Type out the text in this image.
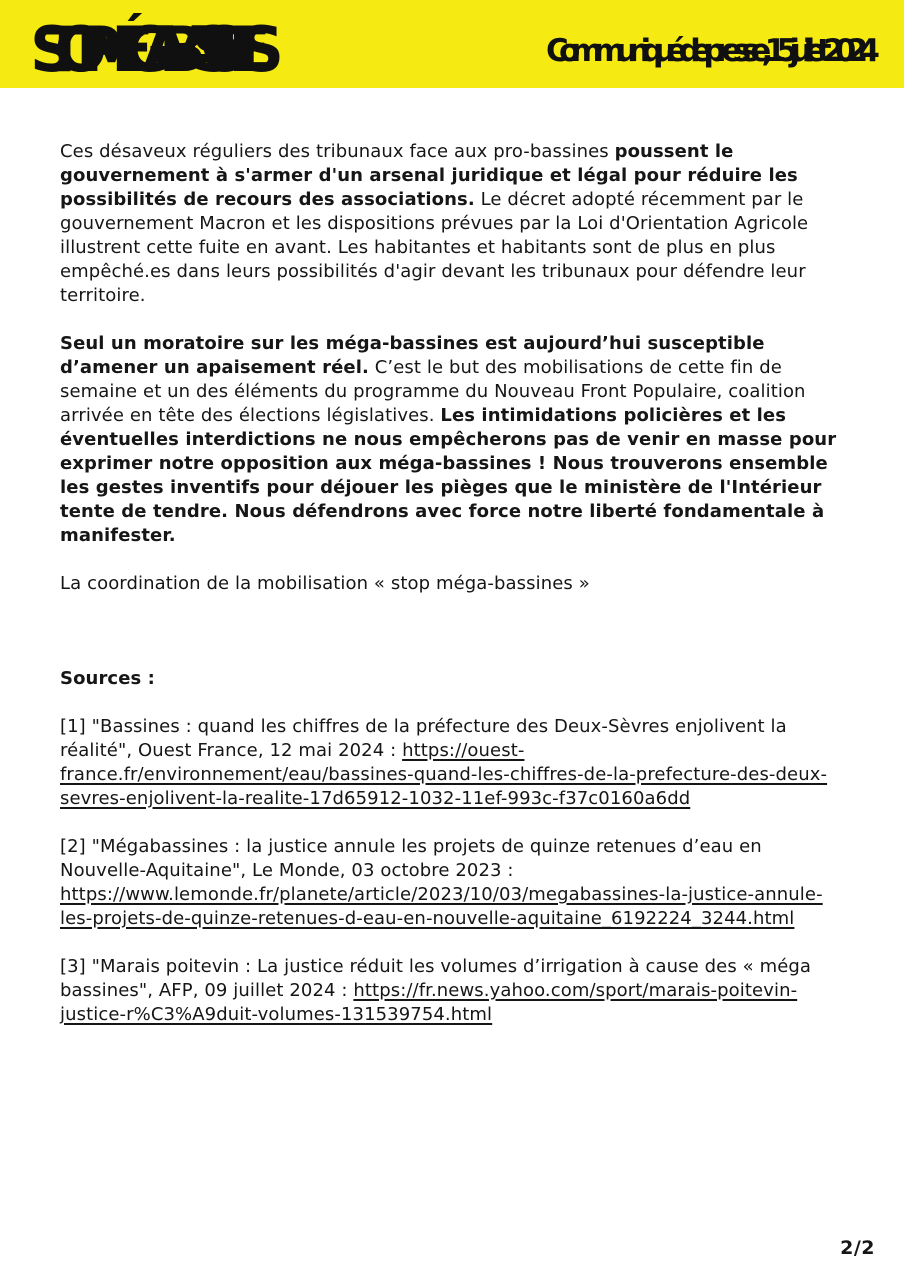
STOP MÉGABASSINES	Communiqué de presse, 15 juillet 2024

Ces désaveux réguliers des tribunaux face aux pro-bassines poussent le gouvernement à s'armer d'un arsenal juridique et légal pour réduire les possibilités de recours des associations. Le décret adopté récemment par le gouvernement Macron et les dispositions prévues par la Loi d'Orientation Agricole illustrent cette fuite en avant. Les habitantes et habitants sont de plus en plus empêché.es dans leurs possibilités d'agir devant les tribunaux pour défendre leur territoire.

Seul un moratoire sur les méga-bassines est aujourd’hui susceptible d’amener un apaisement réel. C’est le but des mobilisations de cette fin de semaine et un des éléments du programme du Nouveau Front Populaire, coalition arrivée en tête des élections législatives. Les intimidations policières et les éventuelles interdictions ne nous empêcherons pas de venir en masse pour exprimer notre opposition aux méga-bassines ! Nous trouverons ensemble les gestes inventifs pour déjouer les pièges que le ministère de l'Intérieur tente de tendre. Nous défendrons avec force notre liberté fondamentale à manifester.

La coordination de la mobilisation « stop méga-bassines »

Sources :

[1] "Bassines : quand les chiffres de la préfecture des Deux-Sèvres enjolivent la réalité", Ouest France, 12 mai 2024 : https://ouest-france.fr/environnement/eau/bassines-quand-les-chiffres-de-la-prefecture-des-deux-sevres-enjolivent-la-realite-17d65912-1032-11ef-993c-f37c0160a6dd

[2] "Mégabassines : la justice annule les projets de quinze retenues d’eau en Nouvelle-Aquitaine", Le Monde, 03 octobre 2023 : https://www.lemonde.fr/planete/article/2023/10/03/megabassines-la-justice-annule-les-projets-de-quinze-retenues-d-eau-en-nouvelle-aquitaine_6192224_3244.html

[3] "Marais poitevin : La justice réduit les volumes d’irrigation à cause des « méga bassines", AFP, 09 juillet 2024 : https://fr.news.yahoo.com/sport/marais-poitevin-justice-r%C3%A9duit-volumes-131539754.html

2/2
